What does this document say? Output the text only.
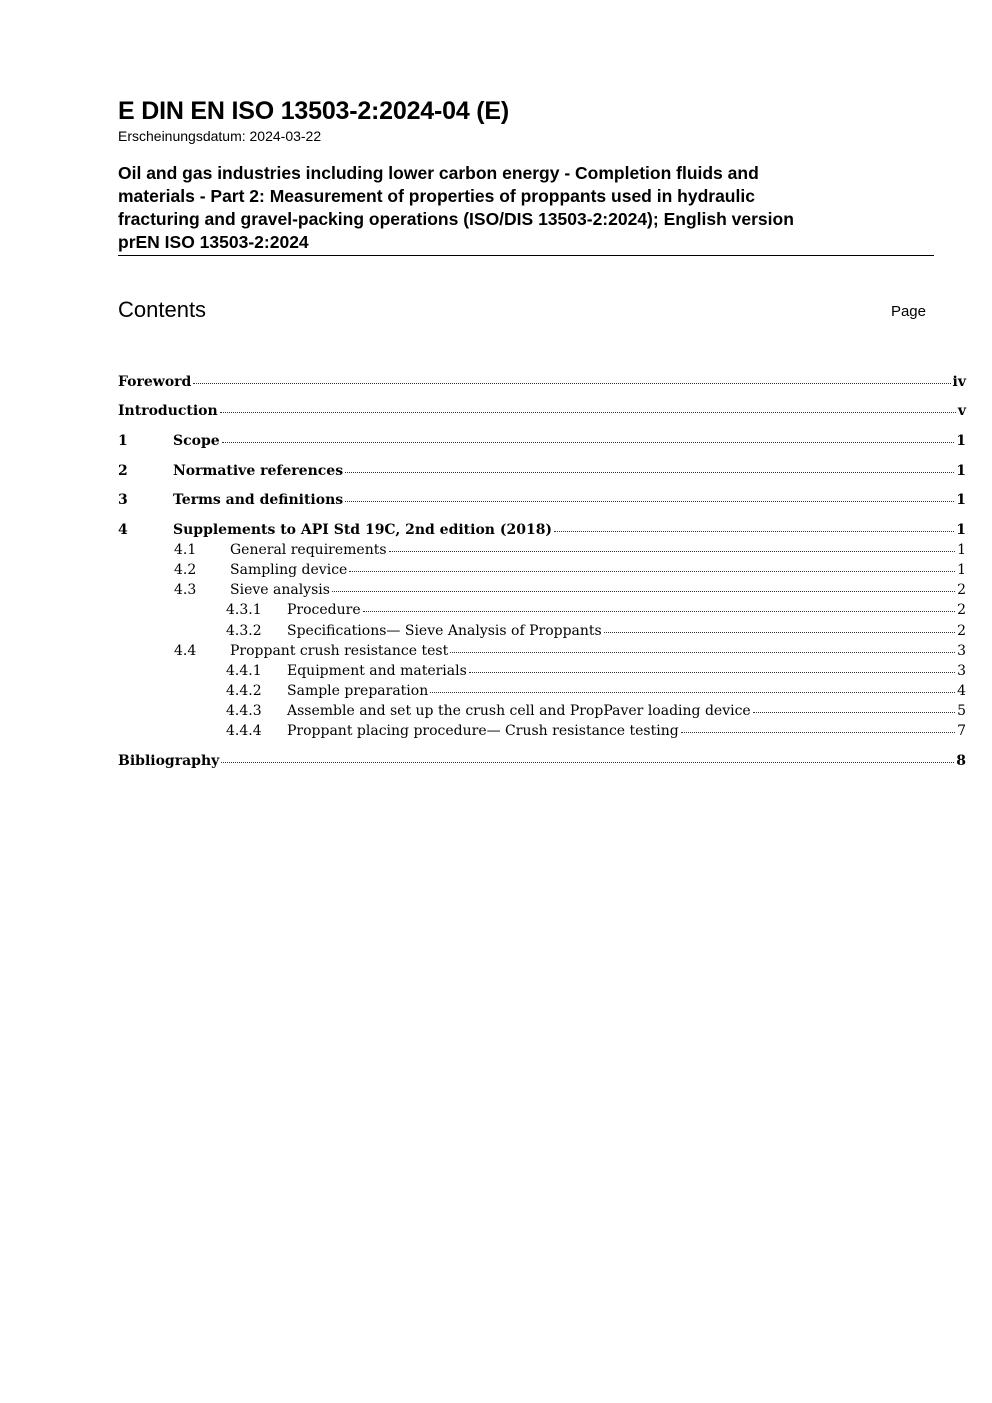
E DIN EN ISO 13503-2:2024-04 (E)
Erscheinungsdatum: 2024-03-22
Oil and gas industries including lower carbon energy - Completion fluids and
materials - Part 2: Measurement of properties of proppants used in hydraulic
fracturing and gravel-packing operations (ISO/DIS 13503-2:2024); English version
prEN ISO 13503-2:2024
Contents	Page
Foreword	iv
Introduction	v
1	Scope	1
2	Normative references	1
3	Terms and definitions	1
4	Supplements to API Std 19C, 2nd edition (2018)	1
4.1	General requirements	1
4.2	Sampling device	1
4.3	Sieve analysis	2
4.3.1	Procedure	2
4.3.2	Specifications— Sieve Analysis of Proppants	2
4.4	Proppant crush resistance test	3
4.4.1	Equipment and materials	3
4.4.2	Sample preparation	4
4.4.3	Assemble and set up the crush cell and PropPaver loading device	5
4.4.4	Proppant placing procedure— Crush resistance testing	7
Bibliography	8
